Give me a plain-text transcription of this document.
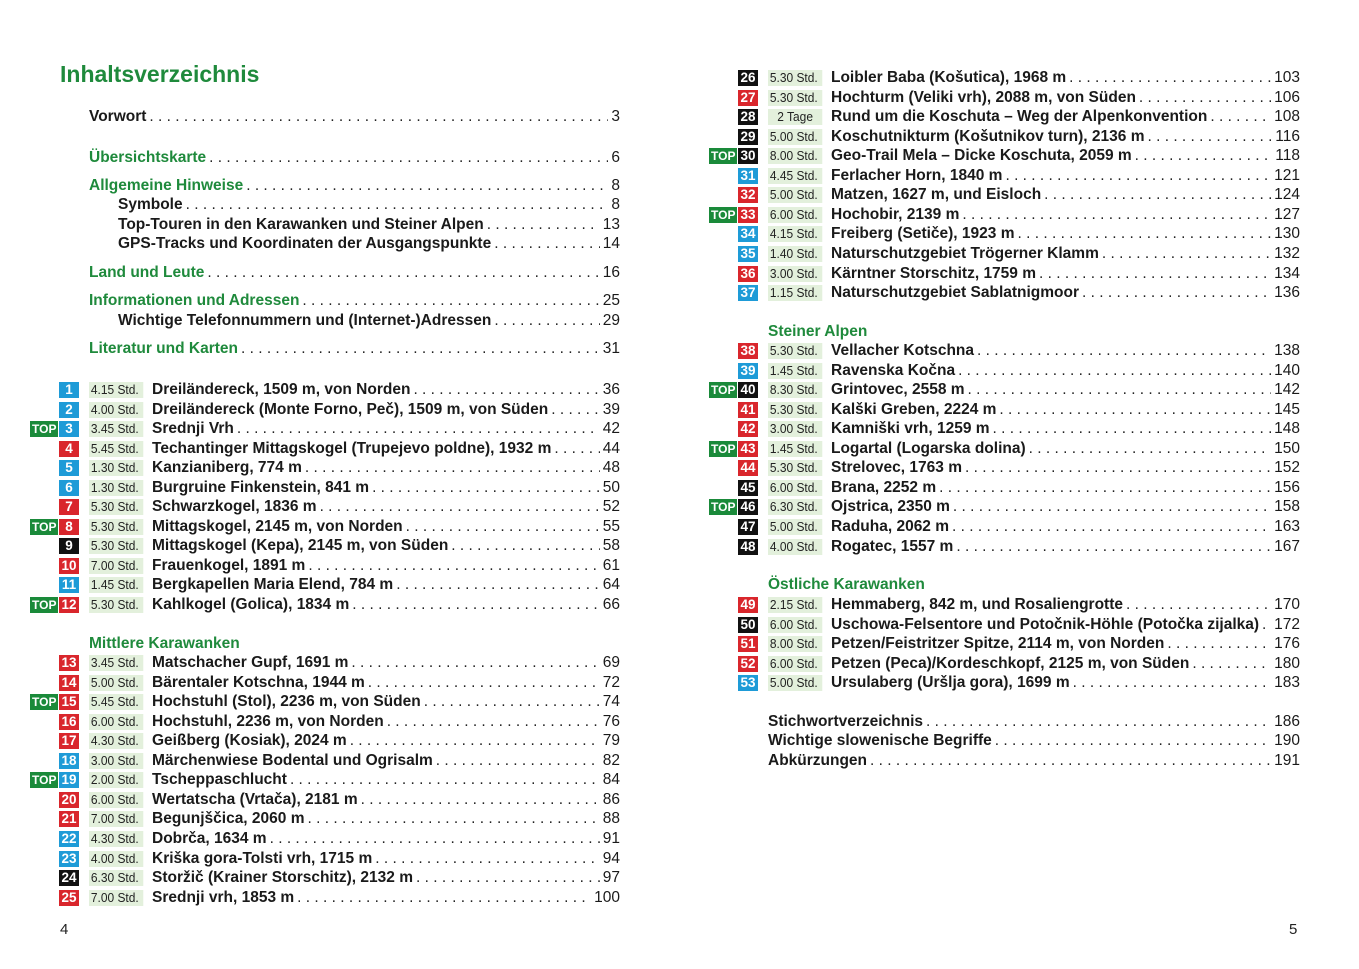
Inhaltsverzeichnis
Vorwort . . .	3
Übersichtskarte . . .	6
Allgemeine Hinweise . . .	8
Symbole . . .	8
Top-Touren in den Karawanken und Steiner Alpen . . .	13
GPS-Tracks und Koordinaten der Ausgangspunkte . . .	14
Land und Leute . . .	16
Informationen und Adressen . . .	25
Wichtige Telefonnummern und (Internet-)Adressen . . .	29
Literatur und Karten . . .	31
Mittlere Karawanken
4
1	4.15 Std. Dreiländereck, 1509 m, von Norden . . .	36
2	4.00 Std. Dreiländereck (Monte Forno, Peč), 1509 m, von Süden . . .	39
TOP 3	3.45 Std. Srednji Vrh . . .	42
4	5.45 Std. Techantinger Mittagskogel (Trupejevo poldne), 1932 m . . .	44
5	1.30 Std. Kanzianiberg, 774 m . . .	48
6	1.30 Std. Burgruine Finkenstein, 841 m . . .	50
7	5.30 Std. Schwarzkogel, 1836 m . . .	52
TOP 8	5.30 Std. Mittagskogel, 2145 m, von Norden . . .	55
9	5.30 Std. Mittagskogel (Kepa), 2145 m, von Süden . . .	58
10 7.00 Std. Frauenkogel, 1891 m . . .	61
11 1.45 Std. Bergkapellen Maria Elend, 784 m . . .	64
TOP 12 5.30 Std. Kahlkogel (Golica), 1834 m . . .	66
13 3.45 Std. Matschacher Gupf, 1691 m . . .	69
14 5.00 Std. Bärentaler Kotschna, 1944 m . . .	72
TOP 15 5.45 Std. Hochstuhl (Stol), 2236 m, von Süden . . .	74
16 6.00 Std. Hochstuhl, 2236 m, von Norden . . .	76
17 4.30 Std. Geißberg (Kosiak), 2024 m . . .	79
18 3.00 Std. Märchenwiese Bodental und Ogrisalm . . .	82
TOP 19 2.00 Std. Tscheppaschlucht . . .	84
20 6.00 Std. Wertatscha (Vrtača), 2181 m . . .	86
21 7.00 Std. Begunjščica, 2060 m . . .	88
22 4.30 Std. Dobrča, 1634 m . . .	91
23 4.00 Std. Kriška gora-Tolsti vrh, 1715 m . . .	94
24 6.30 Std. Storžič (Krainer Storschitz), 2132 m . . .	97
25 7.00 Std. Srednji vrh, 1853 m . . .	100
Steiner Alpen
Östliche Karawanken
Stichwortverzeichnis . . .	186
Wichtige slowenische Begriffe . . .	190
Abkürzungen . . .	191
5
26 5.30 Std. Loibler Baba (Košutica), 1968 m . . .	103
27 5.30 Std. Hochturm (Veliki vrh), 2088 m, von Süden . . .	106
28	2 Tage	Rund um die Koschuta – Weg der Alpenkonvention . . .	108
29 5.00 Std. Koschutnikturm (Košutnikov turn), 2136 m . . .	116
TOP 30 8.00 Std. Geo-Trail Mela – Dicke Koschuta, 2059 m . . .	118
31 4.45 Std. Ferlacher Horn, 1840 m . . .	121
32 5.00 Std. Matzen, 1627 m, und Eisloch . . .	124
TOP 33 6.00 Std. Hochobir, 2139 m . . .	127
34 4.15 Std. Freiberg (Setiče), 1923 m . . .	130
35 1.40 Std. Naturschutzgebiet Trögerner Klamm . . .	132
36 3.00 Std. Kärntner Storschitz, 1759 m . . .	134
37 1.15 Std. Naturschutzgebiet Sablatnigmoor . . .	136
38 5.30 Std. Vellacher Kotschna . . .	138
39 1.45 Std. Ravenska Kočna . . .	140
TOP 40 8.30 Std. Grintovec, 2558 m . . .	142
41 5.30 Std. Kalški Greben, 2224 m . . .	145
42 3.00 Std. Kamniški vrh, 1259 m . . .	148
TOP 43 1.45 Std. Logartal (Logarska dolina) . . .	150
44 5.30 Std. Strelovec, 1763 m . . .	152
45 6.00 Std. Brana, 2252 m . . .	156
TOP 46 6.30 Std. Ojstrica, 2350 m . . .	158
47 5.00 Std. Raduha, 2062 m . . .	163
48 4.00 Std. Rogatec, 1557 m . . .	167
49 2.15 Std. Hemmaberg, 842 m, und Rosaliengrotte . . .	170
50 6.00 Std. Uschowa-Felsentore und Potočnik-Höhle (Potočka zijalka) . . . 172
51 8.00 Std. Petzen/Feistritzer Spitze, 2114 m, von Norden . . .	176
52 6.00 Std. Petzen (Peca)/Kordeschkopf, 2125 m, von Süden . . .	180
53 5.00 Std. Ursulaberg (Uršlja gora), 1699 m . . .	183
